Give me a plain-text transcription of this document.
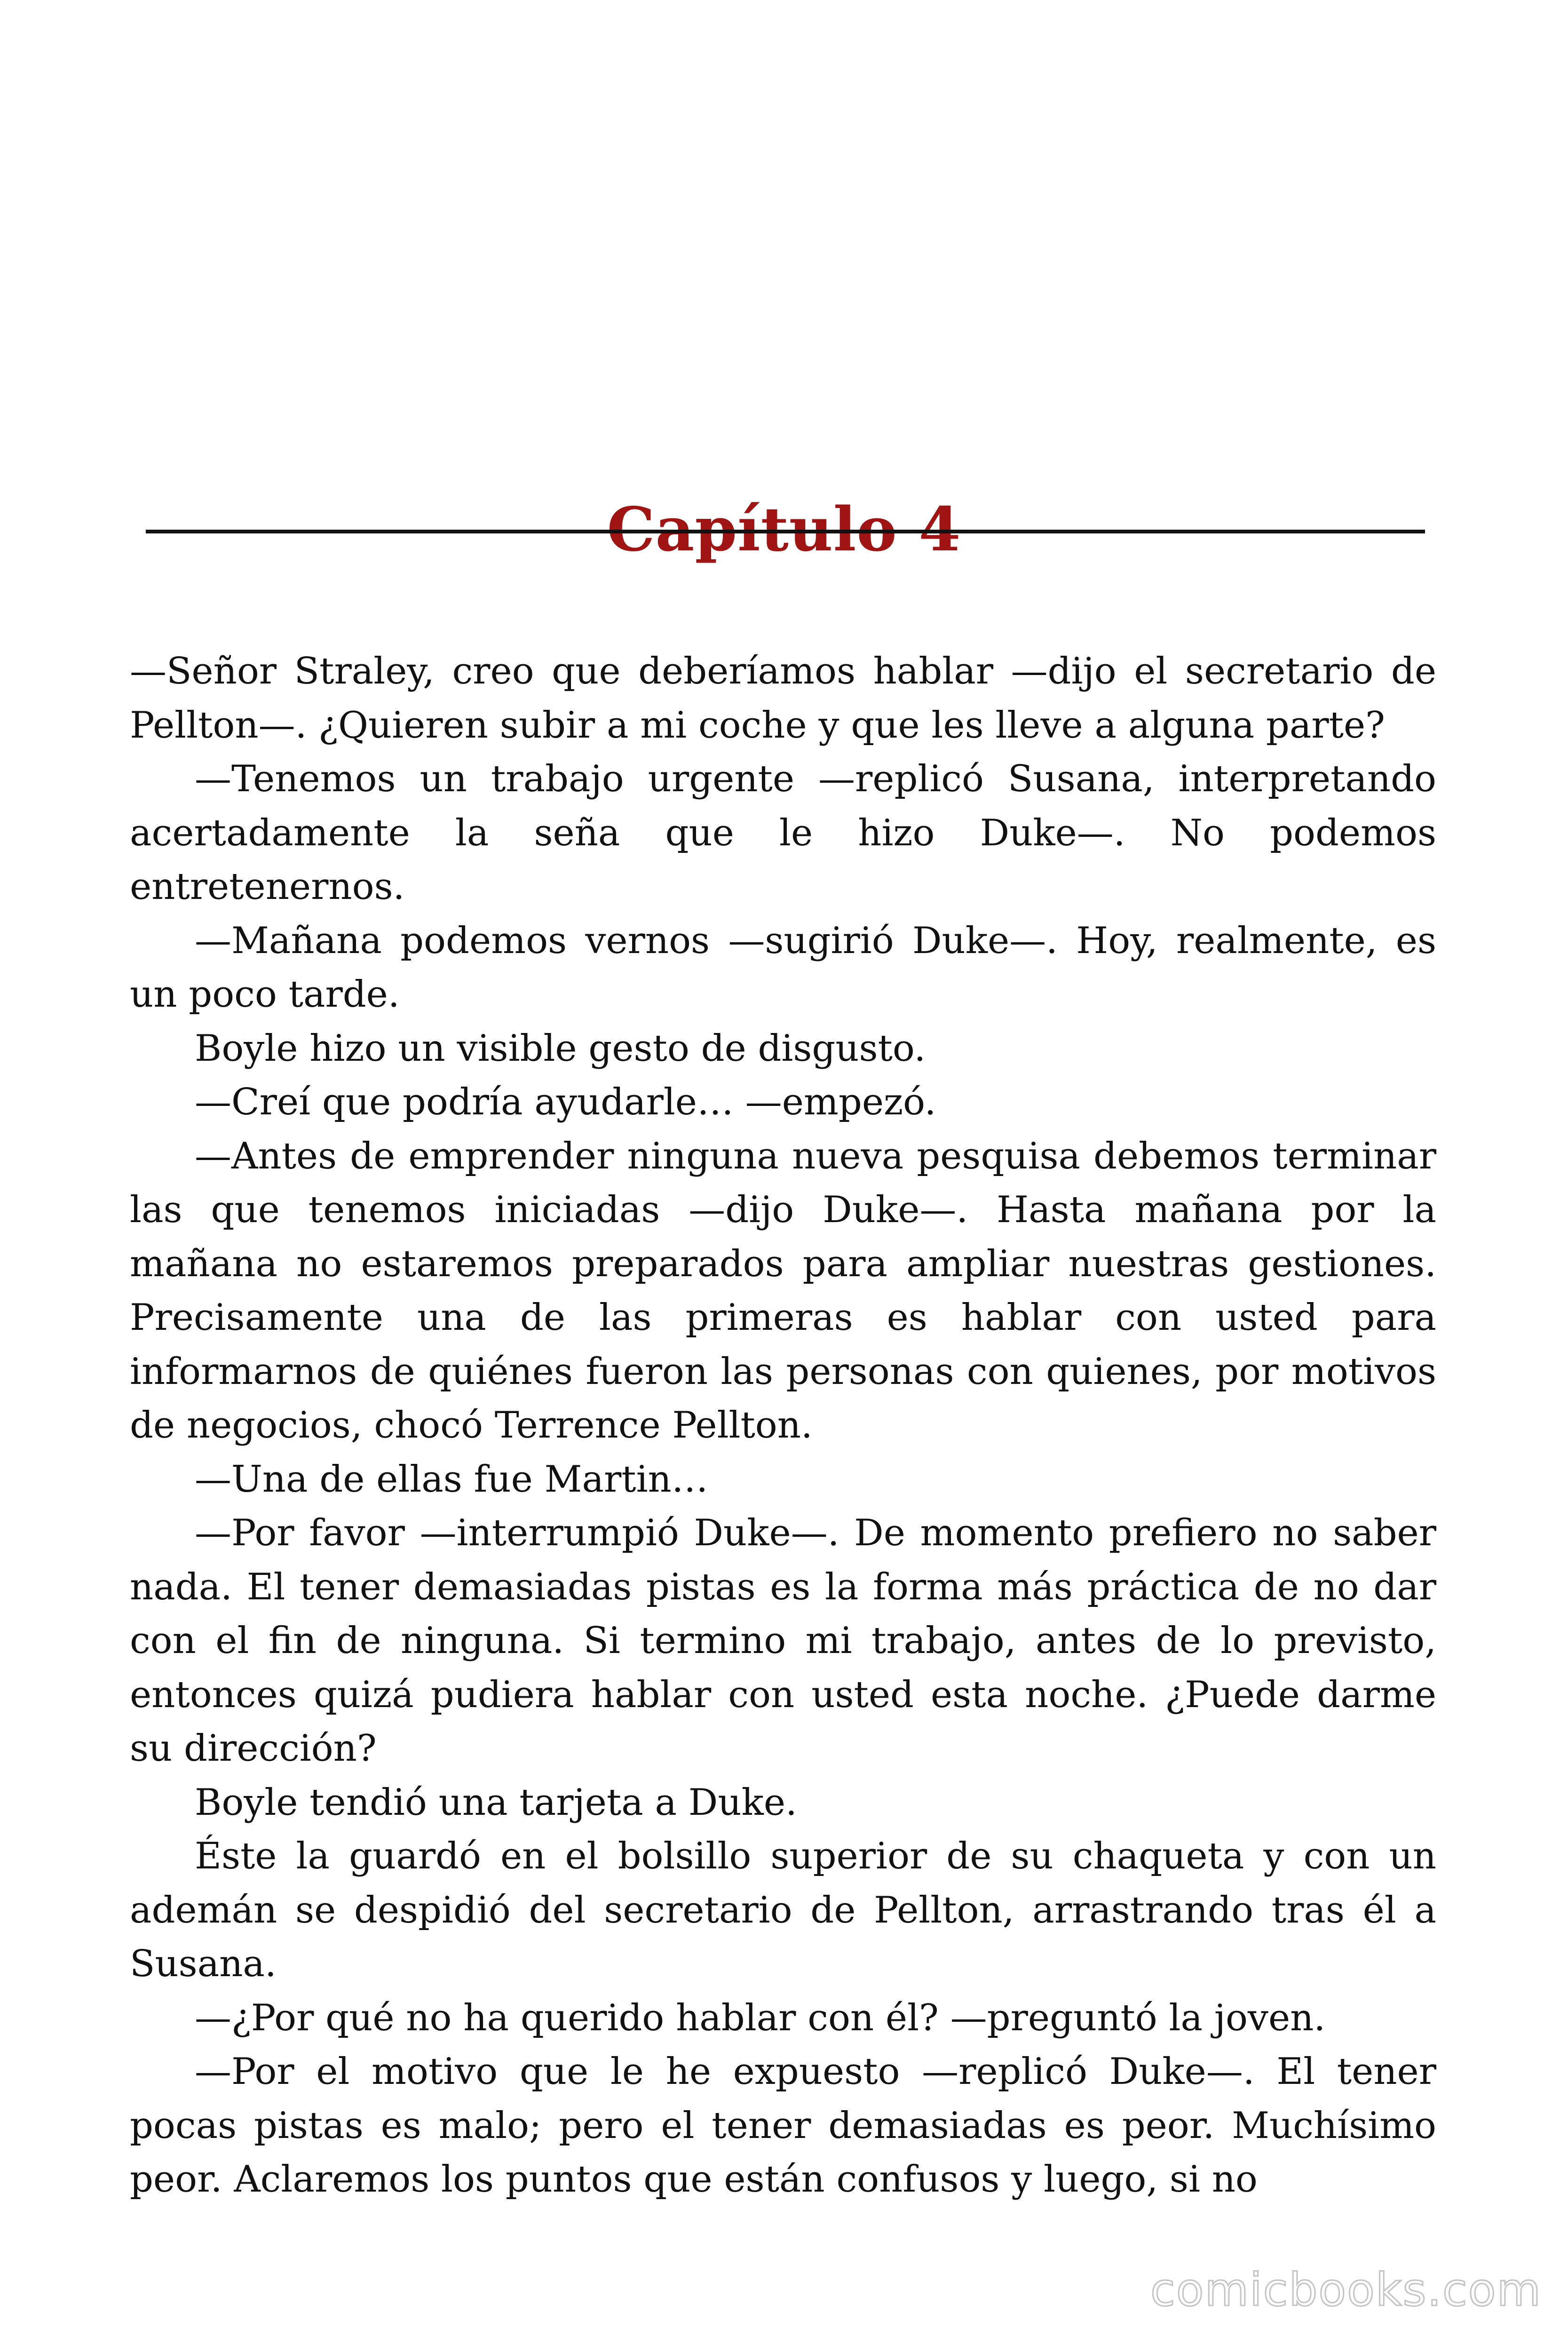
Capítulo 4

—Señor Straley, creo que deberíamos hablar —dijo el secretario de Pellton—. ¿Quieren subir a mi coche y que les lleve a alguna parte?

—Tenemos un trabajo urgente —replicó Susana, interpretando acertadamente la seña que le hizo Duke—. No podemos entretenernos.

—Mañana podemos vernos —sugirió Duke—. Hoy, realmente, es un poco tarde.

Boyle hizo un visible gesto de disgusto.

—Creí que podría ayudarle… —empezó.

—Antes de emprender ninguna nueva pesquisa debemos terminar las que tenemos iniciadas —dijo Duke—. Hasta mañana por la mañana no estaremos preparados para ampliar nuestras gestiones. Precisamente una de las primeras es hablar con usted para informarnos de quiénes fueron las personas con quienes, por motivos de negocios, chocó Terrence Pellton.

—Una de ellas fue Martin…

—Por favor —interrumpió Duke—. De momento prefiero no saber nada. El tener demasiadas pistas es la forma más práctica de no dar con el fin de ninguna. Si termino mi trabajo, antes de lo previsto, entonces quizá pudiera hablar con usted esta noche. ¿Puede darme su dirección?

Boyle tendió una tarjeta a Duke.

Éste la guardó en el bolsillo superior de su chaqueta y con un ademán se despidió del secretario de Pellton, arrastrando tras él a Susana.

—¿Por qué no ha querido hablar con él? —preguntó la joven.

—Por el motivo que le he expuesto —replicó Duke—. El tener pocas pistas es malo; pero el tener demasiadas es peor. Muchísimo peor. Aclaremos los puntos que están confusos y luego, si no

comicbooks.com
